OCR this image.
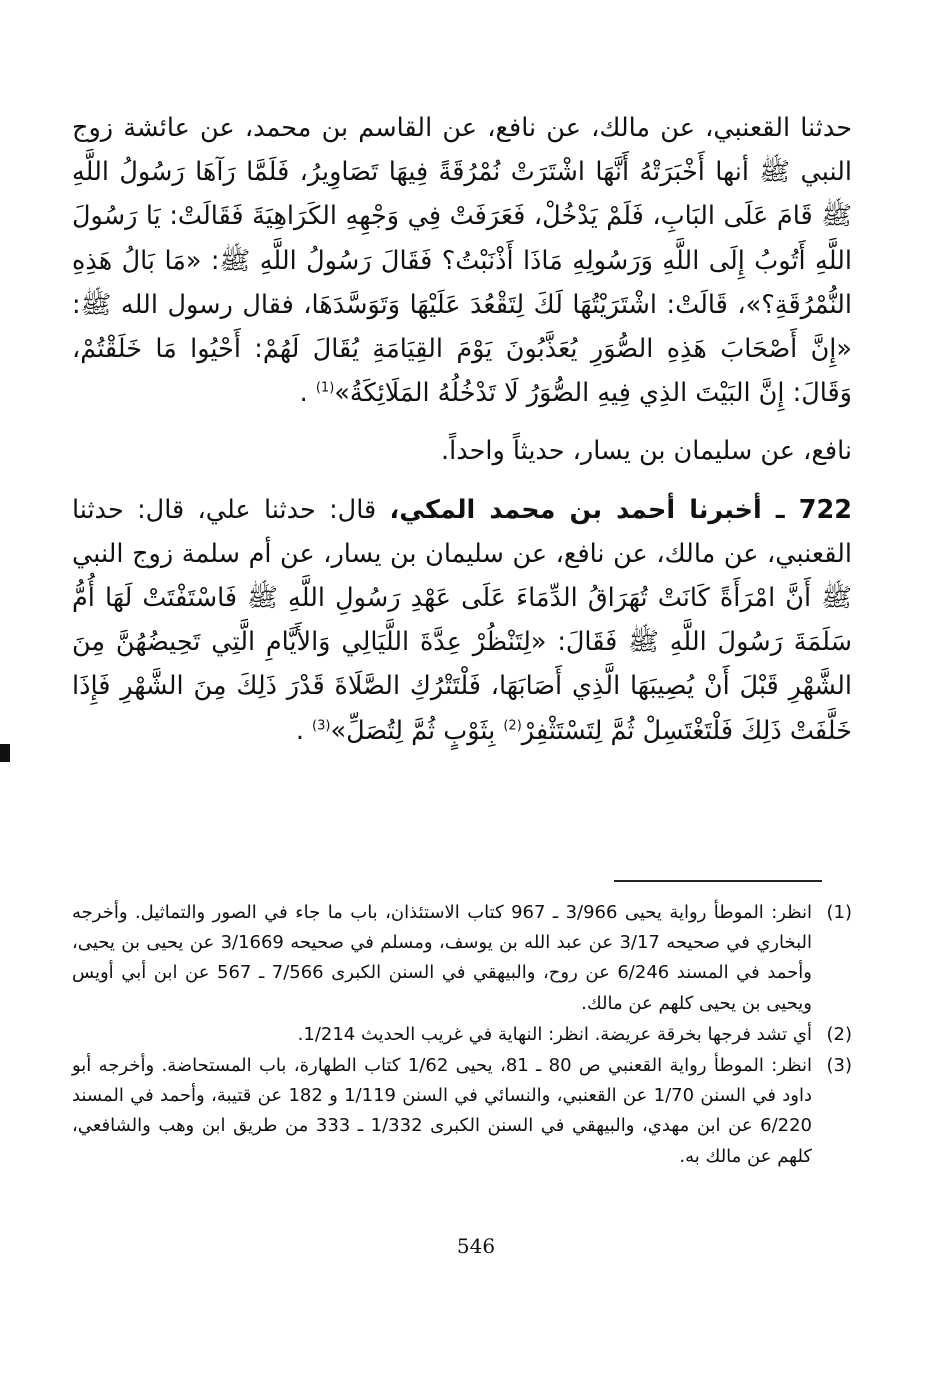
حدثنا القعنبي، عن مالك، عن نافع، عن القاسم بن محمد، عن عائشة زوج النبي ﷺ أنها أَخْبَرَتْهُ أَنَّهَا اشْتَرَتْ نُمْرُقَةً فِيهَا تَصَاوِيرُ، فَلَمَّا رَآهَا رَسُولُ اللَّهِ ﷺ قَامَ عَلَى البَابِ، فَلَمْ يَدْخُلْ، فَعَرَفَتْ فِي وَجْهِهِ الكَرَاهِيَةَ فَقَالَتْ: يَا رَسُولَ اللَّهِ أَتُوبُ إِلَى اللَّهِ وَرَسُولِهِ مَاذَا أَذْنَبْتُ؟ فَقَالَ رَسُولُ اللَّهِ ﷺ: «مَا بَالُ هَذِهِ النُّمْرُقَةِ؟»، قَالَتْ: اشْتَرَيْتُهَا لَكَ لِتَقْعُدَ عَلَيْهَا وَتَوَسَّدَهَا، فقال رسول الله ﷺ: «إِنَّ أَصْحَابَ هَذِهِ الصُّوَرِ يُعَذَّبُونَ يَوْمَ القِيَامَةِ يُقَالَ لَهُمْ: أَحْيُوا مَا خَلَقْتُمْ، وَقَالَ: إِنَّ البَيْتَ الذِي فِيهِ الصُّوَرُ لَا تَدْخُلُهُ المَلَائِكَةُ»$^{(1)}$ .

نافع، عن سليمان بن يسار، حديثاً واحداً.

722 ـ أخبرنا أحمد بن محمد المكي، قال: حدثنا علي، قال: حدثنا القعنبي، عن مالك، عن نافع، عن سليمان بن يسار، عن أم سلمة زوج النبي ﷺ أَنَّ امْرَأَةً كَانَتْ تُهَرَاقُ الدِّمَاءَ عَلَى عَهْدِ رَسُولِ اللَّهِ ﷺ فَاسْتَفْتَتْ لَهَا أُمُّ سَلَمَةَ رَسُولَ اللَّهِ ﷺ فَقَالَ: «لِتَنْظُرْ عِدَّةَ اللَّيَالِي وَالأَيَّامِ الَّتِي تَحِيضُهُنَّ مِنَ الشَّهْرِ قَبْلَ أَنْ يُصِيبَهَا الَّذِي أَصَابَهَا، فَلْتَتْرُكِ الصَّلَاةَ قَدْرَ ذَلِكَ مِنَ الشَّهْرِ فَإِذَا خَلَّفَتْ ذَلِكَ فَلْتَغْتَسِلْ ثُمَّ لِتَسْتَثْفِرْ$^{(2)}$ بِثَوْبٍ ثُمَّ لِتُصَلِّ»$^{(3)}$ .

(1)
انظر: الموطأ رواية يحيى 3/966 ـ 967 كتاب الاستئذان، باب ما جاء في الصور والتماثيل. وأخرجه البخاري في صحيحه 3/17 عن عبد الله بن يوسف، ومسلم في صحيحه 3/1669 عن يحيى بن يحيى، وأحمد في المسند 6/246 عن روح، والبيهقي في السنن الكبرى 7/566 ـ 567 عن ابن أبي أويس ويحيى بن يحيى كلهم عن مالك.
(2)
أي تشد فرجها بخرقة عريضة. انظر: النهاية في غريب الحديث 1/214.
(3)
انظر: الموطأ رواية القعنبي ص 80 ـ 81، يحيى 1/62 كتاب الطهارة، باب المستحاضة. وأخرجه أبو داود في السنن 1/70 عن القعنبي، والنسائي في السنن 1/119 و 182 عن قتيبة، وأحمد في المسند 6/220 عن ابن مهدي، والبيهقي في السنن الكبرى 1/332 ـ 333 من طريق ابن وهب والشافعي، كلهم عن مالك به.
546
